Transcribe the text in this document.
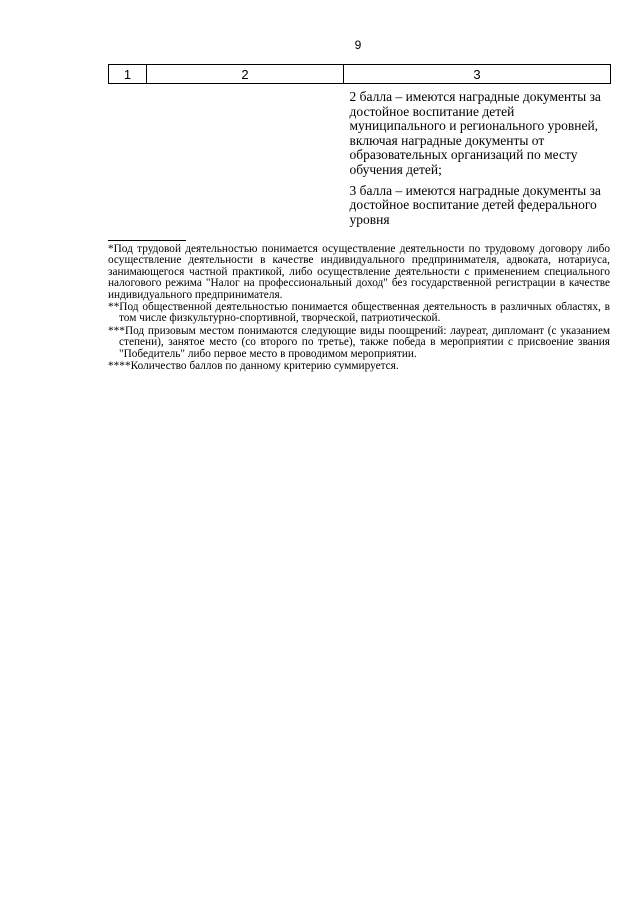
9
1	2	3

		2 балла – имеются наградные документы за достойное воспитание детей муниципального и регионального уровней, включая наградные документы от образовательных организаций по месту обучения детей;

3 балла – имеются наградные документы за достойное воспитание детей федерального уровня

*Под трудовой деятельностью понимается осуществление деятельности по трудовому договору либо осуществление деятельности в качестве индивидуального предпринимателя, адвоката, нотариуса, занимающегося частной практикой, либо осуществление деятельности с применением специального налогового режима "Налог на профессиональный доход" без государственной регистрации в качестве индивидуального предпринимателя.

**Под общественной деятельностью понимается общественная деятельность в различных областях, в том числе физкультурно-спортивной, творческой, патриотической.

***Под призовым местом понимаются следующие виды поощрений: лауреат, дипломант (с указанием степени), занятое место (со второго по третье), также победа в мероприятии с присвоение звания "Победитель" либо первое место в проводимом мероприятии.

****Количество баллов по данному критерию суммируется.
